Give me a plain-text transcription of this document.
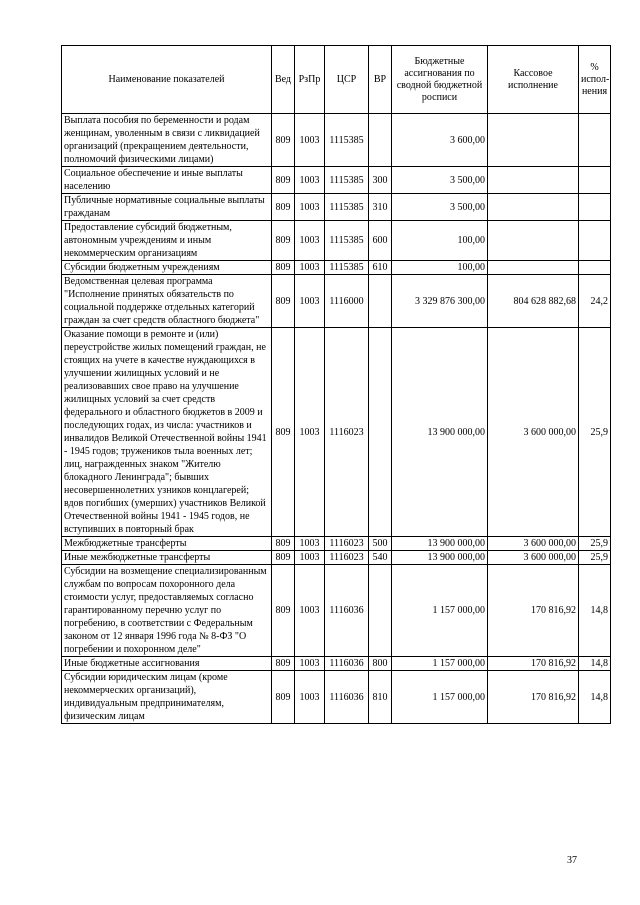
Наименование показателей	Вед	РзПр	ЦСР	ВР	Бюджетные ассигнования по сводной бюджетной росписи	Кассовое исполнение	% испол-нения
Выплата пособия по беременности и родам женщинам, уволенным в связи с ликвидацией организаций (прекращением деятельности, полномочий физическими лицами)	809	1003	1115385		3 600,00		
Социальное обеспечение и иные выплаты населению	809	1003	1115385	300	3 500,00		
Публичные нормативные социальные выплаты гражданам	809	1003	1115385	310	3 500,00		
Предоставление субсидий бюджетным, автономным учреждениям и иным некоммерческим организациям	809	1003	1115385	600	100,00		
Субсидии бюджетным учреждениям	809	1003	1115385	610	100,00		
Ведомственная целевая программа "Исполнение принятых обязательств по социальной поддержке отдельных категорий граждан за счет средств областного бюджета"	809	1003	1116000		3 329 876 300,00	804 628 882,68	24,2
Оказание помощи в ремонте и (или) переустройстве жилых помещений граждан, не стоящих на учете в качестве нуждающихся в улучшении жилищных условий и не реализовавших свое право на улучшение жилищных условий за счет средств федерального и областного бюджетов в 2009 и последующих годах, из числа: участников и инвалидов Великой Отечественной войны 1941 - 1945 годов; тружеников тыла военных лет; лиц, награжденных знаком "Жителю блокадного Ленинграда"; бывших несовершеннолетних узников концлагерей; вдов погибших (умерших) участников Великой Отечественной войны 1941 - 1945 годов, не вступивших в повторный брак	809	1003	1116023		13 900 000,00	3 600 000,00	25,9
Межбюджетные трансферты	809	1003	1116023	500	13 900 000,00	3 600 000,00	25,9
Иные межбюджетные трансферты	809	1003	1116023	540	13 900 000,00	3 600 000,00	25,9
Субсидии на возмещение специализированным службам по вопросам похоронного дела стоимости услуг, предоставляемых согласно гарантированному перечню услуг по погребению, в соответствии с Федеральным законом от 12 января 1996 года № 8-ФЗ "О погребении и похоронном деле"	809	1003	1116036		1 157 000,00	170 816,92	14,8
Иные бюджетные ассигнования	809	1003	1116036	800	1 157 000,00	170 816,92	14,8
Субсидии юридическим лицам (кроме некоммерческих организаций), индивидуальным предпринимателям, физическим лицам	809	1003	1116036	810	1 157 000,00	170 816,92	14,8
37
